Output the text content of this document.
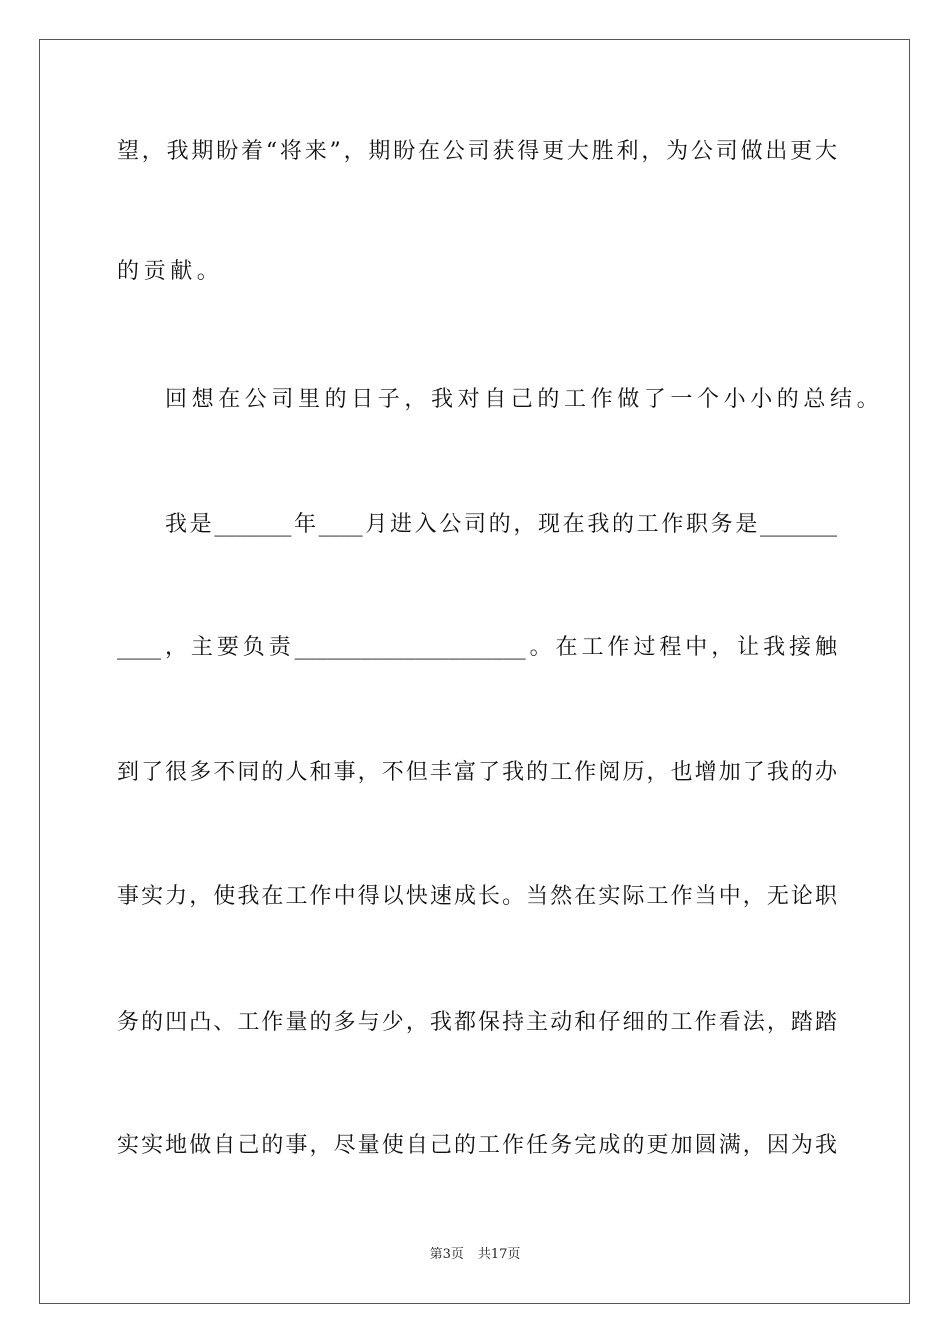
望，我期盼着“将来”，期盼在公司获得更大胜利，为公司做出更大
的贡献。
回想在公司里的日子，我对自己的工作做了一个小小的总结。
我是_______年____月进入公司的，现在我的工作职务是_______
____，主要负责_____________________。在工作过程中，让我接触
到了很多不同的人和事，不但丰富了我的工作阅历，也增加了我的办
事实力，使我在工作中得以快速成长。当然在实际工作当中，无论职
务的凹凸、工作量的多与少，我都保持主动和仔细的工作看法，踏踏
实实地做自己的事，尽量使自己的工作任务完成的更加圆满，因为我
第3页 共17页
